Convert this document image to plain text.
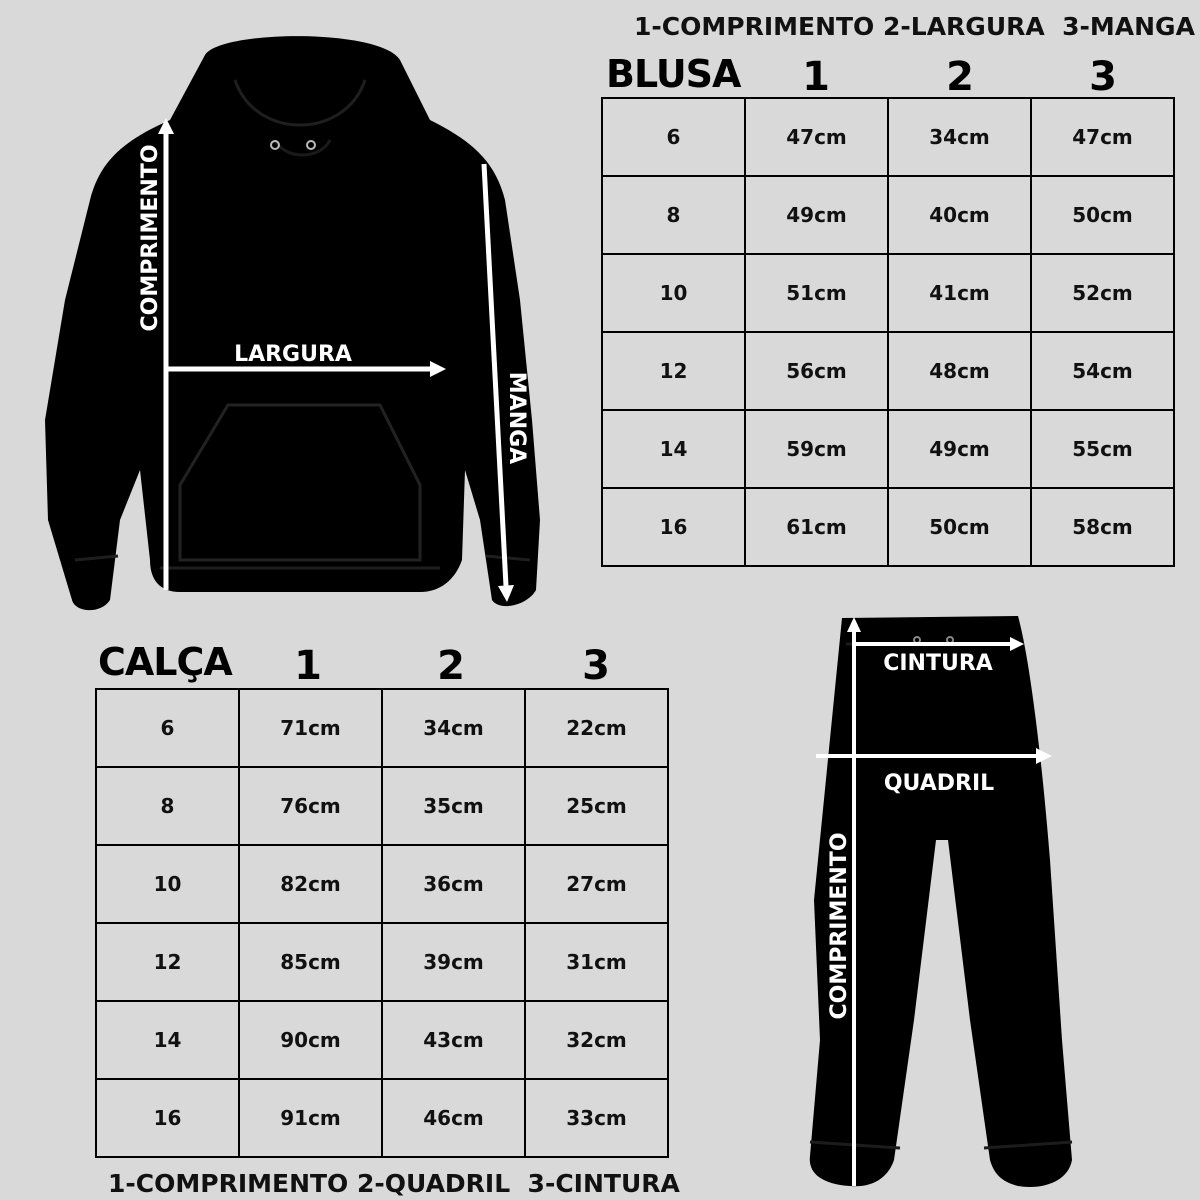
COMPRIMENTO
LARGURA
MANGA
1-COMPRIMENTO 2-LARGURA  3-MANGA
BLUSA	1	2	3
6	47cm	34cm	47cm
8	49cm	40cm	50cm
10	51cm	41cm	52cm
12	56cm	48cm	54cm
14	59cm	49cm	55cm
16	61cm	50cm	58cm
CALÇA	1	2	3
6	71cm	34cm	22cm
8	76cm	35cm	25cm
10	82cm	36cm	27cm
12	85cm	39cm	31cm
14	90cm	43cm	32cm
16	91cm	46cm	33cm
1-COMPRIMENTO 2-QUADRIL  3-CINTURA
CINTURA
QUADRIL
COMPRIMENTO
